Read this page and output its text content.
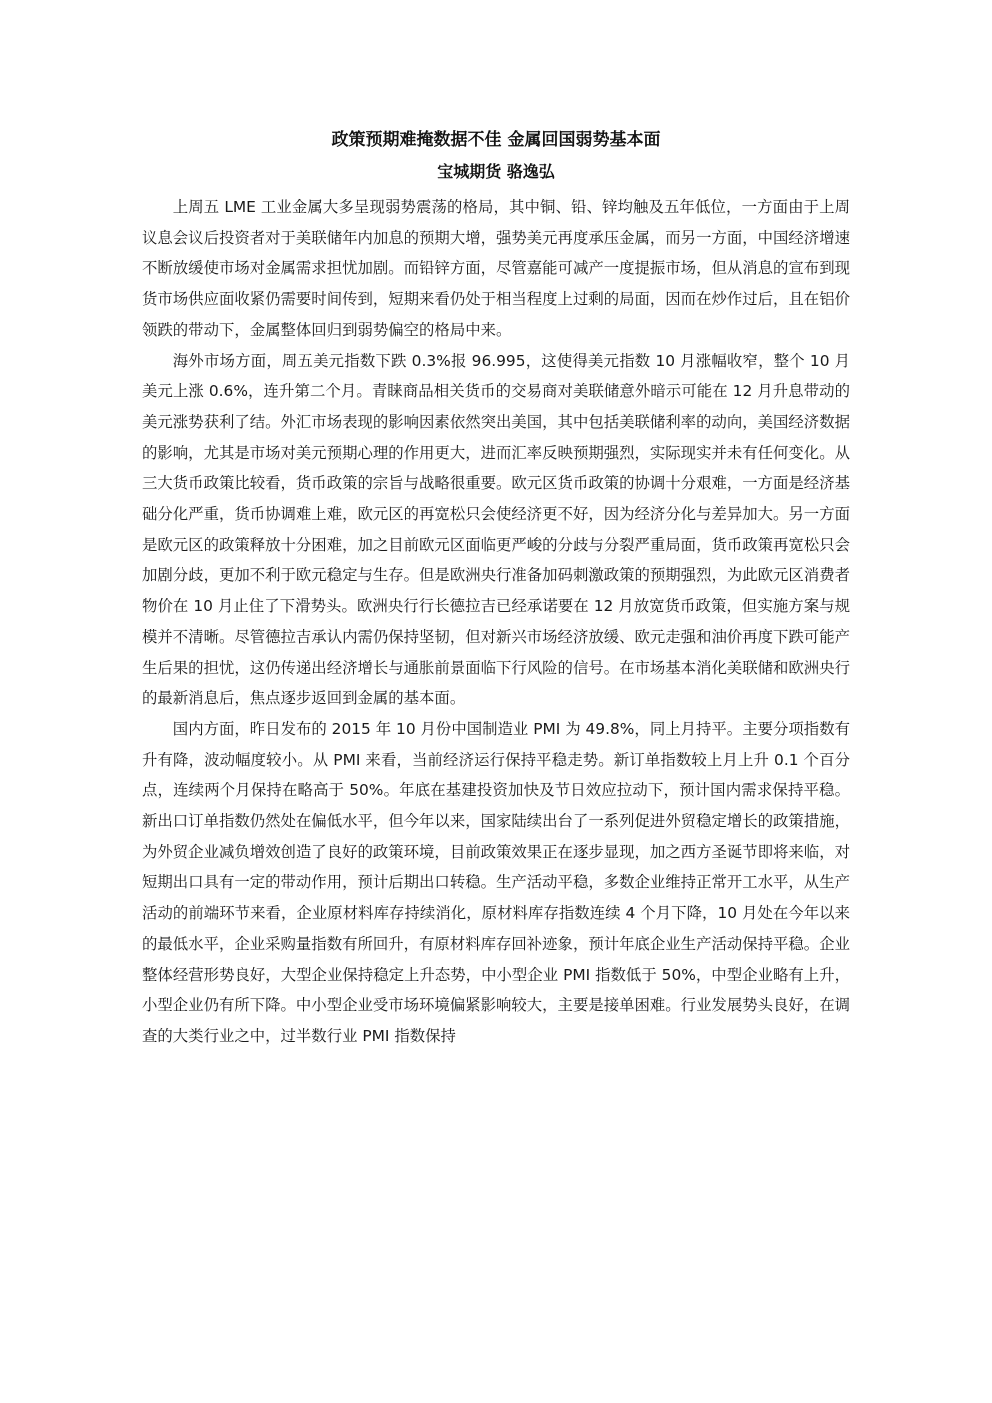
政策预期难掩数据不佳 金属回国弱势基本面
宝城期货 骆逸弘

上周五 LME 工业金属大多呈现弱势震荡的格局，其中铜、铅、锌均触及五年低位，一方面由于上周议息会议后投资者对于美联储年内加息的预期大增，强势美元再度承压金属，而另一方面，中国经济增速不断放缓使市场对金属需求担忧加剧。而铅锌方面，尽管嘉能可减产一度提振市场，但从消息的宣布到现货市场供应面收紧仍需要时间传到，短期来看仍处于相当程度上过剩的局面，因而在炒作过后，且在铝价领跌的带动下，金属整体回归到弱势偏空的格局中来。

海外市场方面，周五美元指数下跌 0.3%报 96.995，这使得美元指数 10 月涨幅收窄，整个 10 月美元上涨 0.6%，连升第二个月。青睐商品相关货币的交易商对美联储意外暗示可能在 12 月升息带动的美元涨势获利了结。外汇市场表现的影响因素依然突出美国，其中包括美联储利率的动向，美国经济数据的影响，尤其是市场对美元预期心理的作用更大，进而汇率反映预期强烈，实际现实并未有任何变化。从三大货币政策比较看，货币政策的宗旨与战略很重要。欧元区货币政策的协调十分艰难，一方面是经济基础分化严重，货币协调难上难，欧元区的再宽松只会使经济更不好，因为经济分化与差异加大。另一方面是欧元区的政策释放十分困难，加之目前欧元区面临更严峻的分歧与分裂严重局面，货币政策再宽松只会加剧分歧，更加不利于欧元稳定与生存。但是欧洲央行准备加码刺激政策的预期强烈，为此欧元区消费者物价在 10 月止住了下滑势头。欧洲央行行长德拉吉已经承诺要在 12 月放宽货币政策，但实施方案与规模并不清晰。尽管德拉吉承认内需仍保持坚韧，但对新兴市场经济放缓、欧元走强和油价再度下跌可能产生后果的担忧，这仍传递出经济增长与通胀前景面临下行风险的信号。在市场基本消化美联储和欧洲央行的最新消息后，焦点逐步返回到金属的基本面。

国内方面，昨日发布的 2015 年 10 月份中国制造业 PMI 为 49.8%，同上月持平。主要分项指数有升有降，波动幅度较小。从 PMI 来看，当前经济运行保持平稳走势。新订单指数较上月上升 0.1 个百分点，连续两个月保持在略高于 50%。年底在基建投资加快及节日效应拉动下，预计国内需求保持平稳。新出口订单指数仍然处在偏低水平，但今年以来，国家陆续出台了一系列促进外贸稳定增长的政策措施，为外贸企业减负增效创造了良好的政策环境，目前政策效果正在逐步显现，加之西方圣诞节即将来临，对短期出口具有一定的带动作用，预计后期出口转稳。生产活动平稳，多数企业维持正常开工水平，从生产活动的前端环节来看，企业原材料库存持续消化，原材料库存指数连续 4 个月下降，10 月处在今年以来的最低水平，企业采购量指数有所回升，有原材料库存回补迹象，预计年底企业生产活动保持平稳。企业整体经营形势良好，大型企业保持稳定上升态势，中小型企业 PMI 指数低于 50%，中型企业略有上升，小型企业仍有所下降。中小型企业受市场环境偏紧影响较大，主要是接单困难。行业发展势头良好，在调查的大类行业之中，过半数行业 PMI 指数保持
